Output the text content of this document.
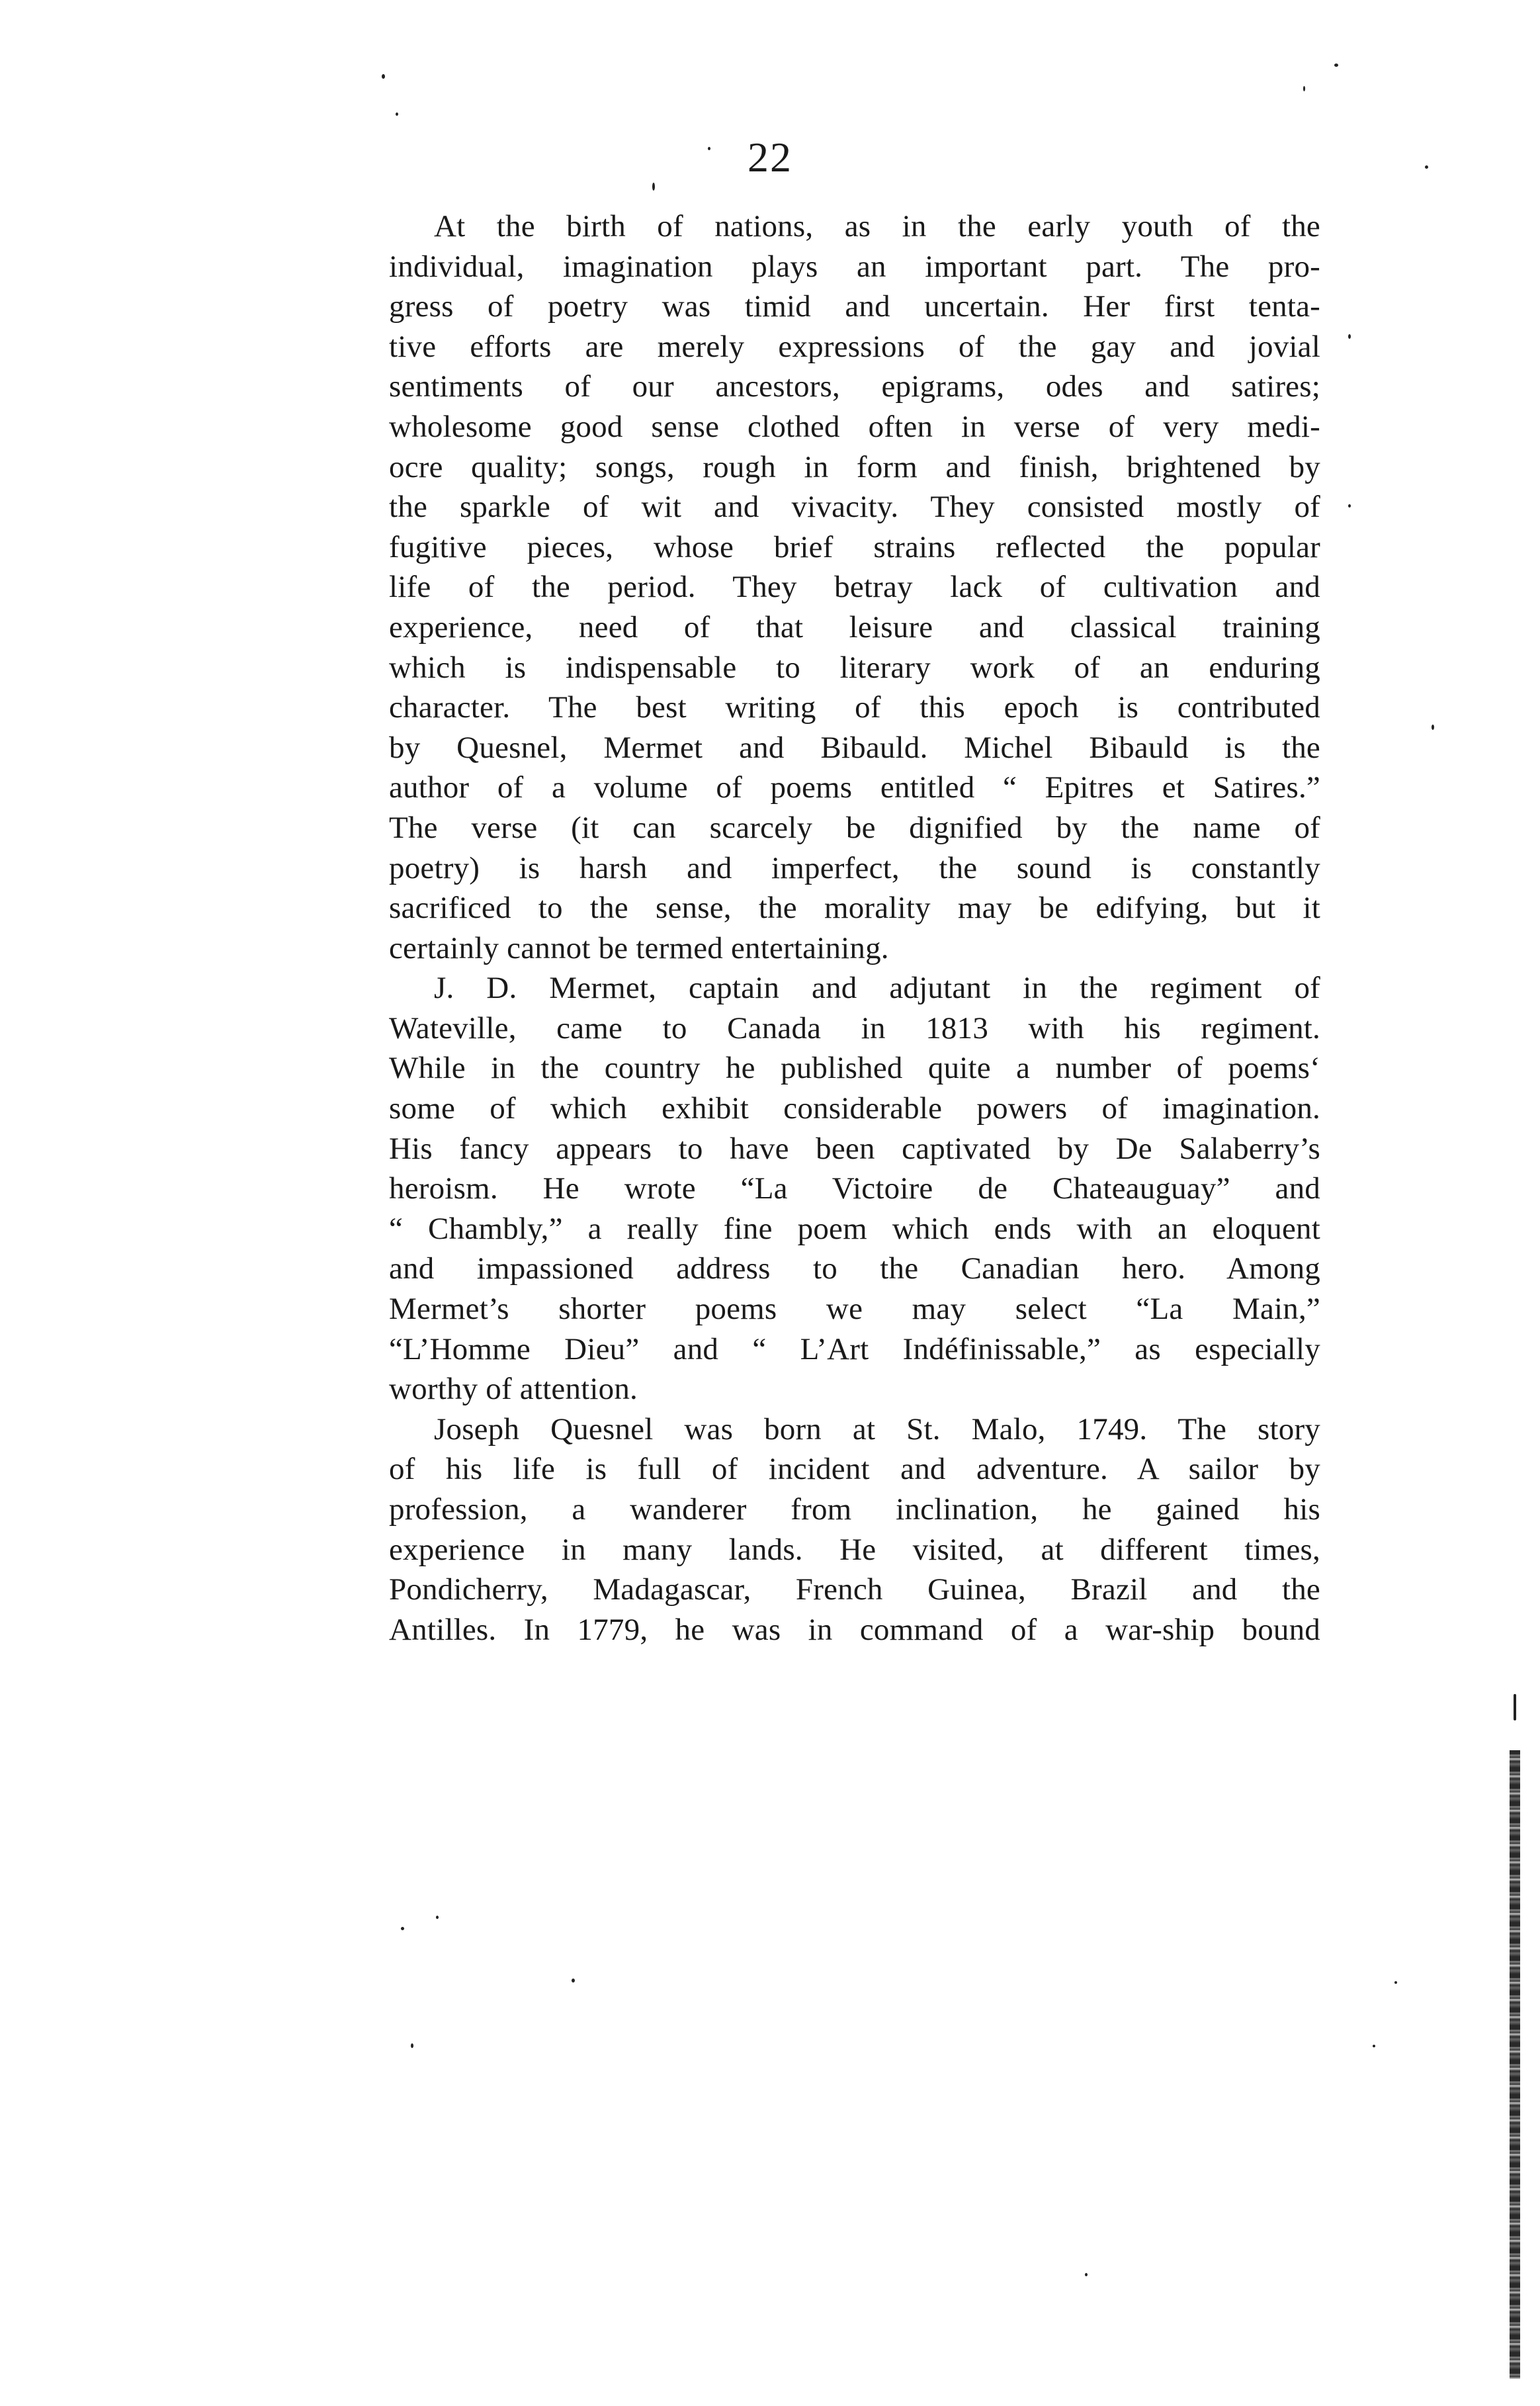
22
At the birth of nations, as in the early youth of the
individual, imagination plays an important part. The pro-
gress of poetry was timid and uncertain. Her first tenta-
tive efforts are merely expressions of the gay and jovial
sentiments of our ancestors, epigrams, odes and satires;
wholesome good sense clothed often in verse of very medi-
ocre quality; songs, rough in form and finish, brightened by
the sparkle of wit and vivacity. They consisted mostly of
fugitive pieces, whose brief strains reflected the popular
life of the period. They betray lack of cultivation and
experience, need of that leisure and classical training
which is indispensable to literary work of an enduring
character. The best writing of this epoch is contributed
by Quesnel, Mermet and Bibauld. Michel Bibauld is the
author of a volume of poems entitled “ Epitres et Satires.”
The verse (it can scarcely be dignified by the name of
poetry) is harsh and imperfect, the sound is constantly
sacrificed to the sense, the morality may be edifying, but it
certainly cannot be termed entertaining.
J. D. Mermet, captain and adjutant in the regiment of
Wateville, came to Canada in 1813 with his regiment.
While in the country he published quite a number of poems‘
some of which exhibit considerable powers of imagination.
His fancy appears to have been captivated by De Salaberry’s
heroism. He wrote “La Victoire de Chateauguay” and
“ Chambly,” a really fine poem which ends with an eloquent
and impassioned address to the Canadian hero. Among
Mermet’s shorter poems we may select “La Main,”
“L’Homme Dieu” and “ L’Art Indéfinissable,” as especially
worthy of attention.
Joseph Quesnel was born at St. Malo, 1749. The story
of his life is full of incident and adventure. A sailor by
profession, a wanderer from inclination, he gained his
experience in many lands. He visited, at different times,
Pondicherry, Madagascar, French Guinea, Brazil and the
Antilles. In 1779, he was in command of a war-ship bound
